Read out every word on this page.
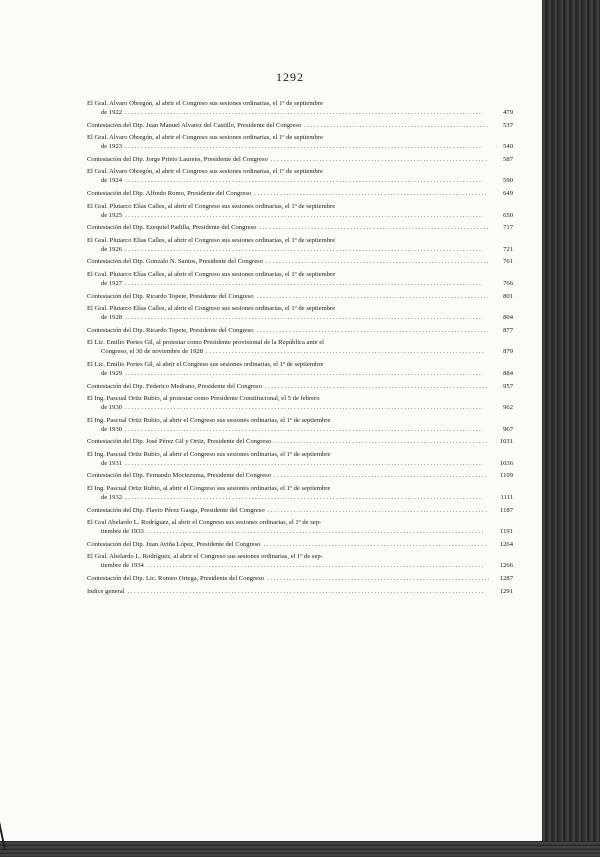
1292
El Gral. Alvaro Obregón, al abrir el Congreso sus sesiones ordinarias, el 1º de septiembre
de 1922 .....	479
Contestación del Dip. Juan Manuel Alvarez del Castillo, Presidente del Congreso .....	537
El Gral. Alvaro Obregón, al abrir el Congreso sus sesiones ordinarias, el 1º de septiembre
de 1923 .....	540
Contestación del Dip. Jorge Prieto Laurens, Presidente del Congreso .....	587
El Gral. Alvaro Obregón, al abrir el Congreso sus sesiones ordinarias, el 1º de septiembre
de 1924 .....	590
Contestación del Dip. Alfredo Romo, Presidente del Congreso .....	649
El Gral. Plutarco Elías Calles, al abrir el Congreso sus sesiones ordinarias, el 1º de septiembre
de 1925 .....	650
Contestación del Dip. Ezequiel Padilla, Presidente del Congreso .....	717
El Gral. Plutarco Elías Calles, al abrir el Congreso sus sesiones ordinarias, el 1º de septiembre
de 1926 .....	721
Contestación del Dip. Gonzalo N. Santos, Presidente del Congreso .....	761
El Gral. Plutarco Elías Calles, al abrir el Congreso sus sesiones ordinarias, el 1º de septiembre
de 1927 .....	766
Contestación del Dip. Ricardo Topete, Presidente del Congreso .....	801
El Gral. Plutarco Elías Calles, al abrir el Congreso sus sesiones ordinarias, el 1º de septiembre
de 1928 .....	804
Contestación del Dip. Ricardo Topete, Presidente del Congreso .....	877
El Lic. Emilio Portes Gil, al protestar como Presidente provisional de la República ante el
Congreso, el 30 de noviembre de 1928 .....	879
El Lic. Emilio Portes Gil, al abrir el Congreso sus sesiones ordinarias, el 1º de septiembre
de 1929 .....	884
Contestación del Dip. Federico Medrano, Presidente del Congreso .....	957
El Ing. Pascual Ortiz Rubio, al protestar como Presidente Constitucional, el 5 de febrero
de 1930 .....	962
El Ing. Pascual Ortiz Rubio, al abrir el Congreso sus sesiones ordinarias, el 1º de septiembre
de 1930 .....	967
Contestación del Dip. José Pérez Gil y Ortiz, Presidente del Congreso .....	1031
El Ing. Pascual Ortiz Rubio, al abrir el Congreso sus sesiones ordinarias, el 1º de septiembre
de 1931 .....	1036
Contestación del Dip. Fernando Moctezuma, Presidente del Congreso .....	1109
El Ing. Pascual Ortiz Rubio, al abrir el Congreso sus sesiones ordinarias, el 1º de septiembre
de 1932 .....	1111
Contestación del Dip. Flavio Pérez Gasga, Presidente del Congreso .....	1187
El Gral Abelardo L. Rodríguez, al abrir el Congreso sus sesiones ordinarias, el 1º de sep-
tiembre de 1933 .....	1191
Contestación del Dip. Juan Aviña López, Presidente del Congreso .....	1264
El Gral. Abelardo L. Rodríguez, al abrir el Congreso sus sesiones ordinarias, el 1º de sep-
tiembre de 1934 .....	1266
Contestación del Dip. Lic. Romeo Ortega, Presidente del Congreso .....	1287
Indice general .....	1291
